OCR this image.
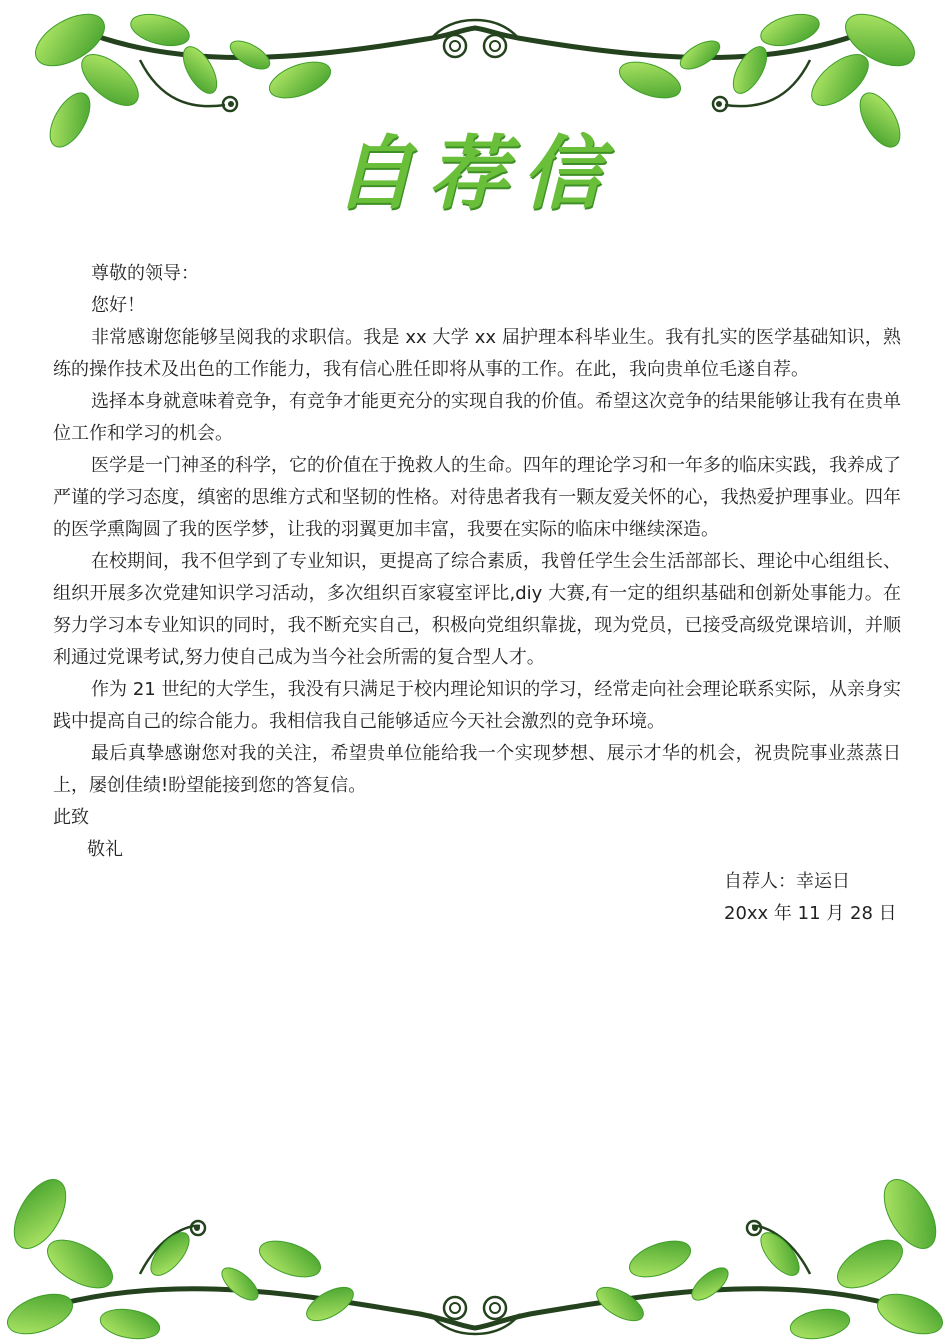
自荐信

尊敬的领导：

您好！

非常感谢您能够呈阅我的求职信。我是 xx 大学 xx 届护理本科毕业生。我有扎实的医学基础知识，熟练的操作技术及出色的工作能力，我有信心胜任即将从事的工作。在此，我向贵单位毛遂自荐。

选择本身就意味着竞争，有竞争才能更充分的实现自我的价值。希望这次竞争的结果能够让我有在贵单位工作和学习的机会。

医学是一门神圣的科学，它的价值在于挽救人的生命。四年的理论学习和一年多的临床实践，我养成了严谨的学习态度，缜密的思维方式和坚韧的性格。对待患者我有一颗友爱关怀的心，我热爱护理事业。四年的医学熏陶圆了我的医学梦，让我的羽翼更加丰富，我要在实际的临床中继续深造。

在校期间，我不但学到了专业知识，更提高了综合素质，我曾任学生会生活部部长、理论中心组组长、组织开展多次党建知识学习活动，多次组织百家寝室评比,diy 大赛,有一定的组织基础和创新处事能力。在努力学习本专业知识的同时，我不断充实自己，积极向党组织靠拢，现为党员，已接受高级党课培训，并顺利通过党课考试,努力使自己成为当今社会所需的复合型人才。

作为 21 世纪的大学生，我没有只满足于校内理论知识的学习，经常走向社会理论联系实际，从亲身实践中提高自己的综合能力。我相信我自己能够适应今天社会激烈的竞争环境。

最后真挚感谢您对我的关注，希望贵单位能给我一个实现梦想、展示才华的机会，祝贵院事业蒸蒸日上，屡创佳绩!盼望能接到您的答复信。

此致

敬礼

自荐人：幸运日

20xx 年 11 月 28 日
